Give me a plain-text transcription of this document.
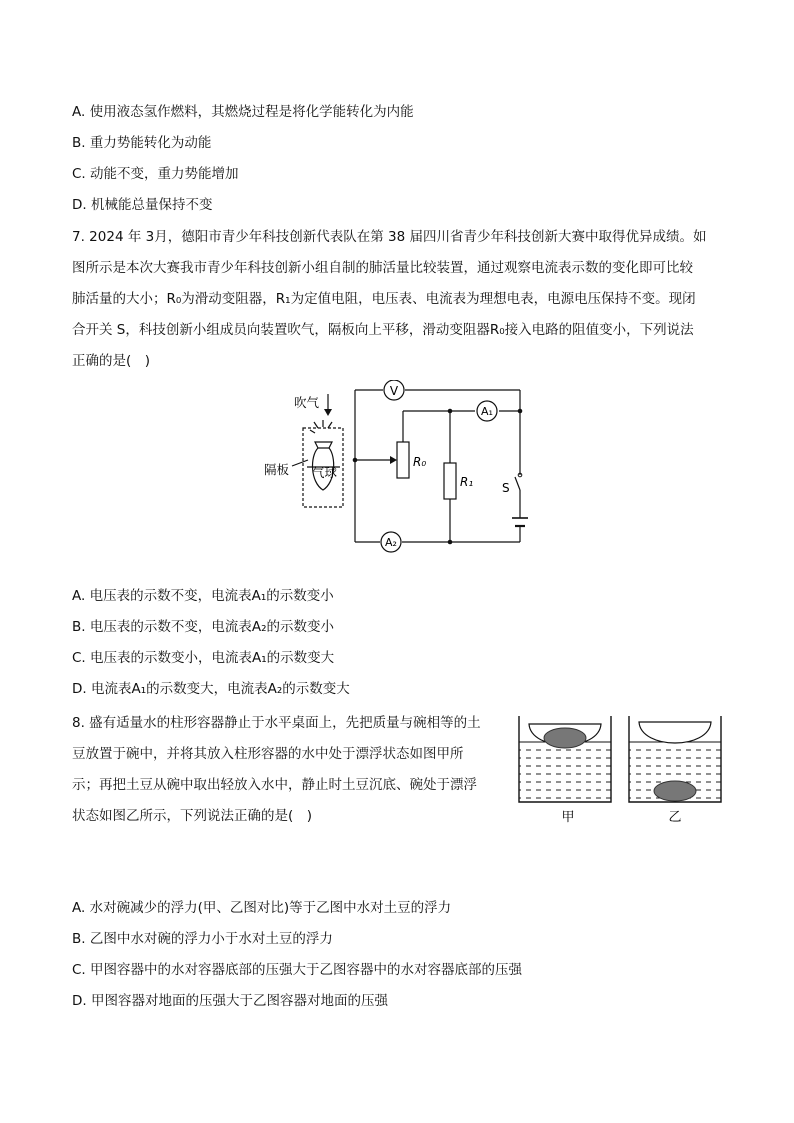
A. 使用液态氢作燃料，其燃烧过程是将化学能转化为内能
B. 重力势能转化为动能
C. 动能不变，重力势能增加
D. 机械能总量保持不变
7. 2024 年 3月，德阳市青少年科技创新代表队在第 38 届四川省青少年科技创新大赛中取得优异成绩。如
图所示是本次大赛我市青少年科技创新小组自制的肺活量比较装置，通过观察电流表示数的变化即可比较
肺活量的大小；R₀为滑动变阻器，R₁为定值电阻，电压表、电流表为理想电表，电源电压保持不变。现闭
合开关 S，科技创新小组成员向装置吹气，隔板向上平移，滑动变阻器R₀接入电路的阻值变小，下列说法
正确的是(　)
V
A₁
A₂
R₀
R₁ S
吹气
隔板 气球
A. 电压表的示数不变，电流表A₁的示数变小
B. 电压表的示数不变，电流表A₂的示数变小
C. 电压表的示数变小，电流表A₁的示数变大
D. 电流表A₁的示数变大，电流表A₂的示数变大
8. 盛有适量水的柱形容器静止于水平桌面上，先把质量与碗相等的土
豆放置于碗中，并将其放入柱形容器的水中处于漂浮状态如图甲所
示；再把土豆从碗中取出轻放入水中，静止时土豆沉底、碗处于漂浮
状态如图乙所示，下列说法正确的是(　)	甲	乙
A. 水对碗减少的浮力(甲、乙图对比)等于乙图中水对土豆的浮力
B. 乙图中水对碗的浮力小于水对土豆的浮力
C. 甲图容器中的水对容器底部的压强大于乙图容器中的水对容器底部的压强
D. 甲图容器对地面的压强大于乙图容器对地面的压强
